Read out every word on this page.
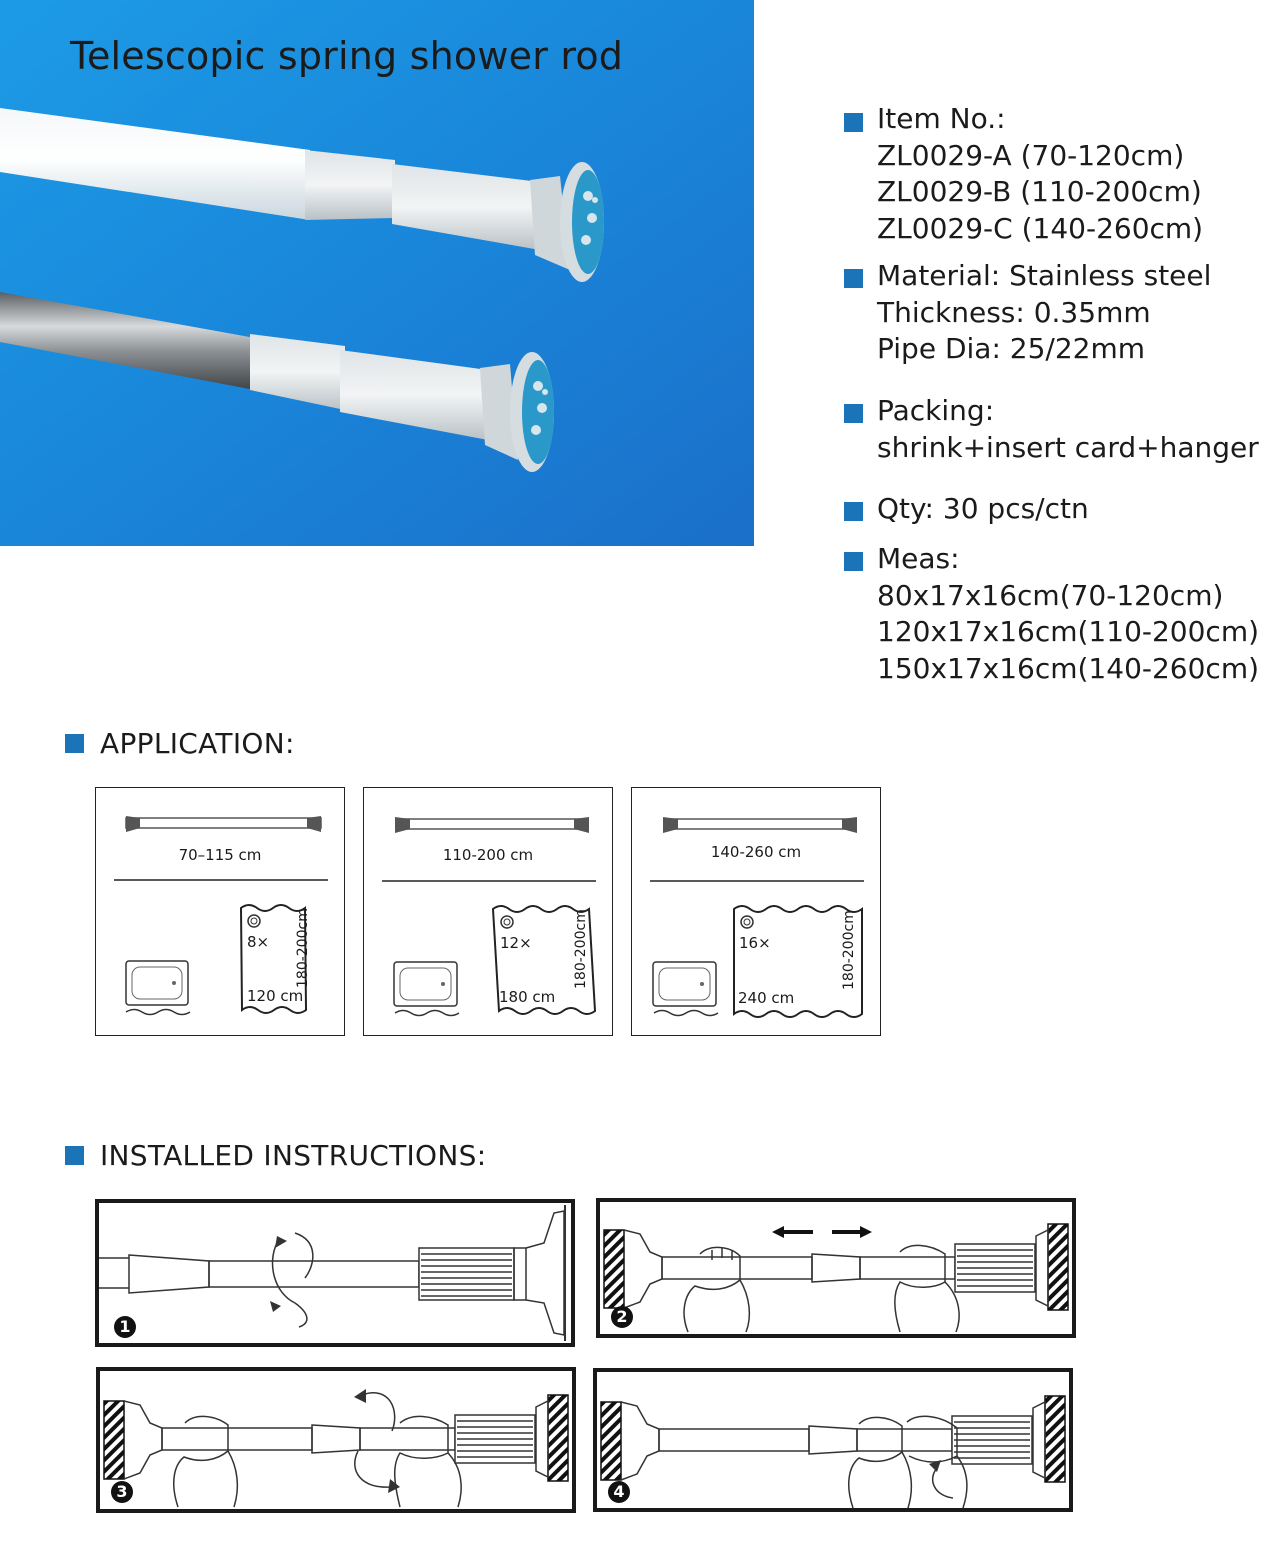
Telescopic spring shower rod
Item No.:
ZL0029-A (70-120cm)
ZL0029-B (110-200cm)
ZL0029-C (140-260cm)
Material: Stainless steel
Thickness: 0.35mm
Pipe Dia: 25/22mm
Packing:
shrink+insert card+hanger
Qty: 30 pcs/ctn
Meas:
80x17x16cm(70-120cm)
120x17x16cm(110-200cm)
150x17x16cm(140-260cm)
APPLICATION:
70–115 cm
8×
120 cm
180-200cm
110-200 cm
12×
180 cm
180-200cm
140-260 cm
16×
240 cm
180-200cm
INSTALLED INSTRUCTIONS:
1
2
3	4
